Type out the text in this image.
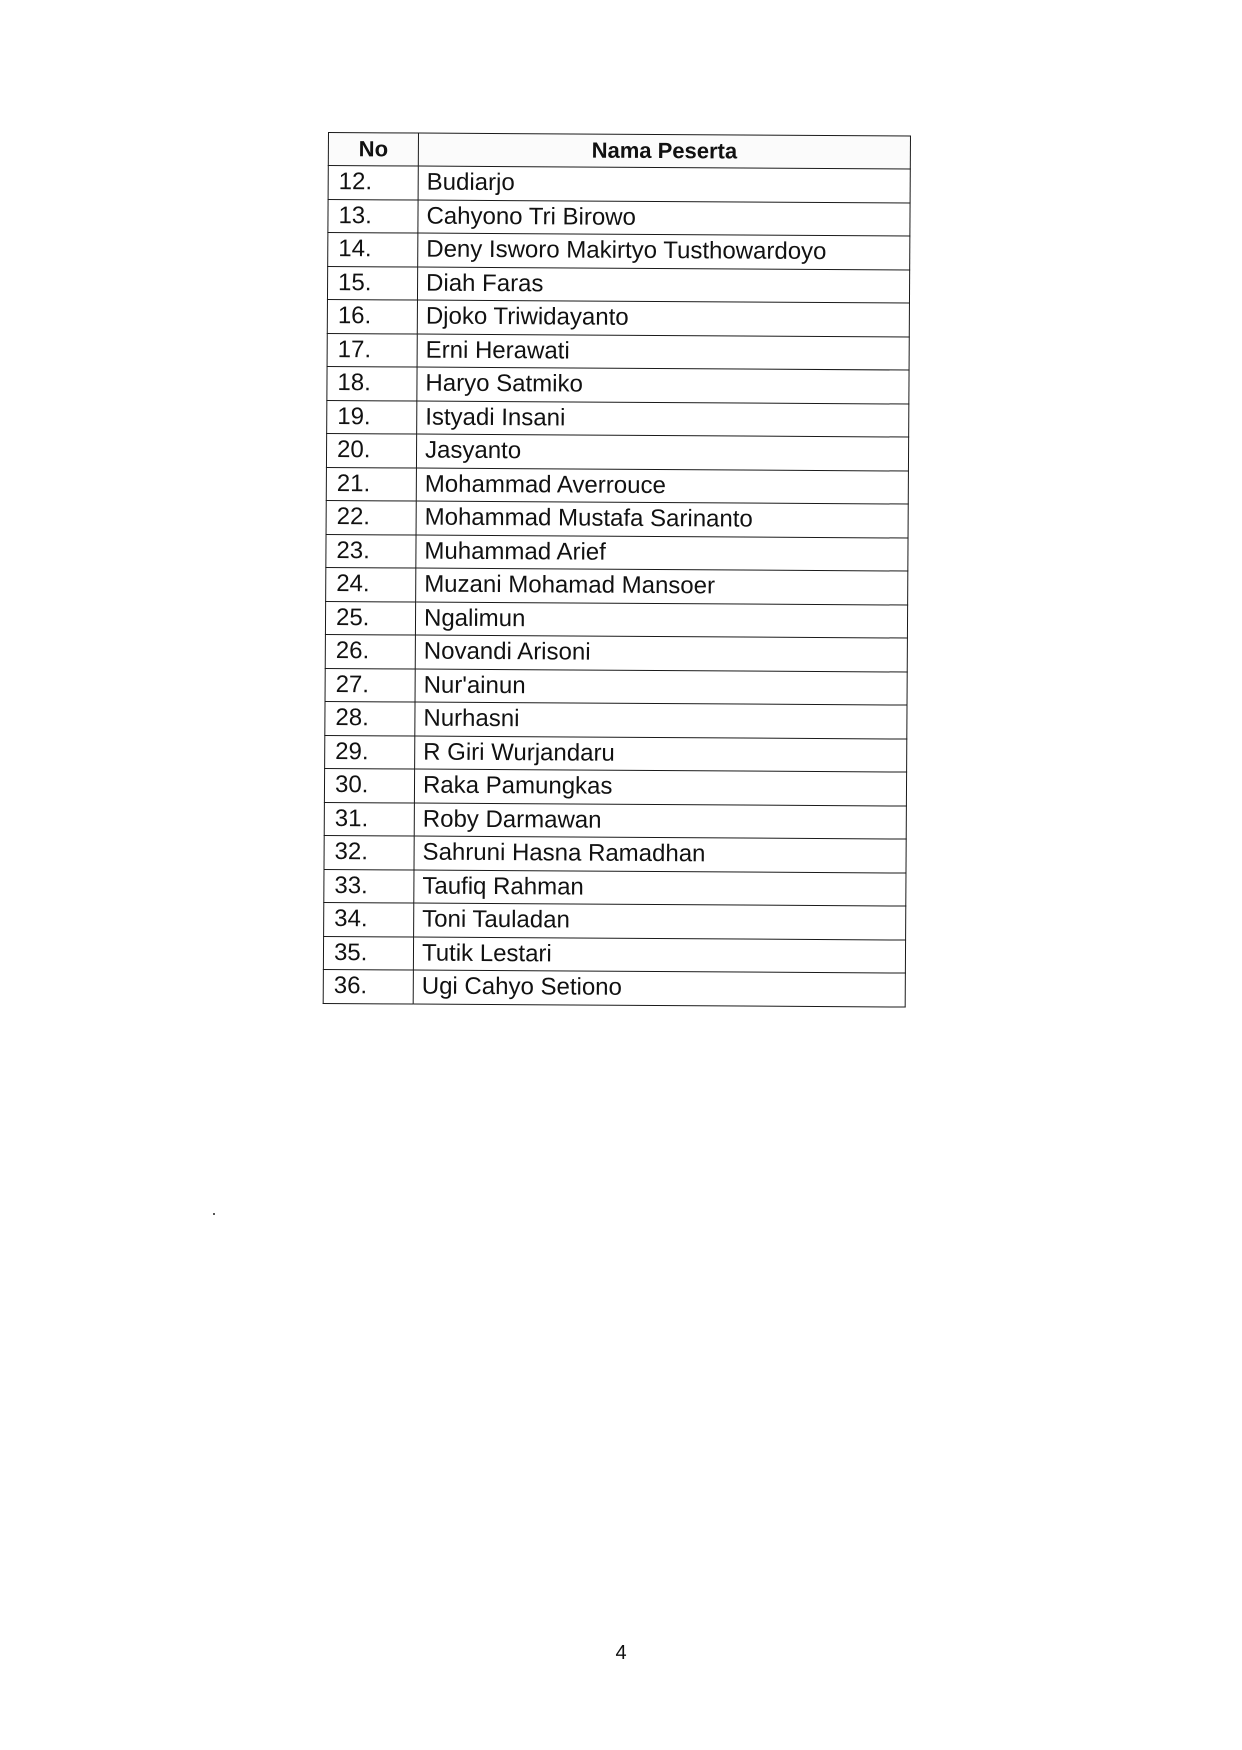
No	Nama Peserta
12.	Budiarjo
13.	Cahyono Tri Birowo
14.	Deny Isworo Makirtyo Tusthowardoyo
15.	Diah Faras
16.	Djoko Triwidayanto
17.	Erni Herawati
18.	Haryo Satmiko
19.	Istyadi Insani
20.	Jasyanto
21.	Mohammad Averrouce
22.	Mohammad Mustafa Sarinanto
23.	Muhammad Arief
24.	Muzani Mohamad Mansoer
25.	Ngalimun
26.	Novandi Arisoni
27.	Nur'ainun
28.	Nurhasni
29.	R Giri Wurjandaru
30.	Raka Pamungkas
31.	Roby Darmawan
32.	Sahruni Hasna Ramadhan
33.	Taufiq Rahman
34.	Toni Tauladan
35.	Tutik Lestari
36.	Ugi Cahyo Setiono
4
